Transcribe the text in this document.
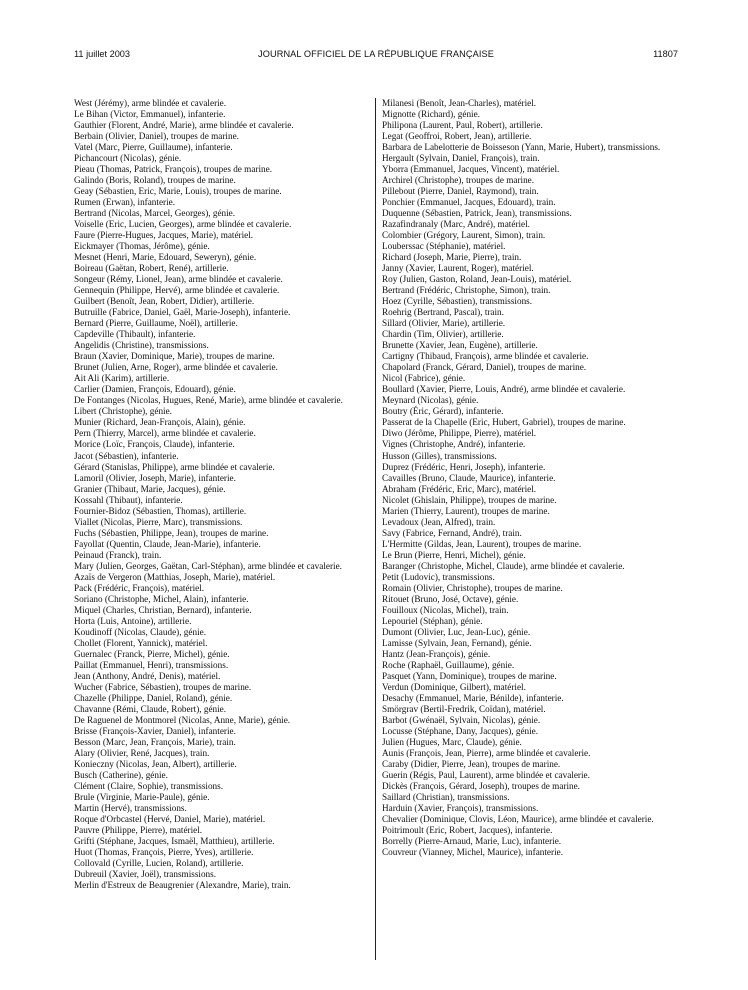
11 juillet 2003	JOURNAL OFFICIEL DE LA RÉPUBLIQUE FRANÇAISE	11807

West (Jérémy), arme blindée et cavalerie.

Le Bihan (Victor, Emmanuel), infanterie.

Gauthier (Florent, André, Marie), arme blindée et cavalerie.

Berbain (Olivier, Daniel), troupes de marine.

Vatel (Marc, Pierre, Guillaume), infanterie.

Pichancourt (Nicolas), génie.

Pieau (Thomas, Patrick, François), troupes de marine.

Galindo (Boris, Roland), troupes de marine.

Geay (Sébastien, Eric, Marie, Louis), troupes de marine.

Rumen (Erwan), infanterie.

Bertrand (Nicolas, Marcel, Georges), génie.

Voiselle (Eric, Lucien, Georges), arme blindée et cavalerie.

Faure (Pierre-Hugues, Jacques, Marie), matériel.

Eickmayer (Thomas, Jérôme), génie.

Mesnet (Henri, Marie, Edouard, Seweryn), génie.

Boireau (Gaëtan, Robert, René), artillerie.

Songeur (Rémy, Lionel, Jean), arme blindée et cavalerie.

Gennequin (Philippe, Hervé), arme blindée et cavalerie.

Guilbert (Benoît, Jean, Robert, Didier), artillerie.

Butruille (Fabrice, Daniel, Gaël, Marie-Joseph), infanterie.

Bernard (Pierre, Guillaume, Noël), artillerie.

Capdeville (Thibault), infanterie.

Angelidis (Christine), transmissions.

Braun (Xavier, Dominique, Marie), troupes de marine.

Brunet (Julien, Arne, Roger), arme blindée et cavalerie.

Ait Ali (Karim), artillerie.

Carlier (Damien, François, Edouard), génie.

De Fontanges (Nicolas, Hugues, René, Marie), arme blindée et cavalerie.

Libert (Christophe), génie.

Munier (Richard, Jean-François, Alain), génie.

Pern (Thierry, Marcel), arme blindée et cavalerie.

Morice (Loïc, François, Claude), infanterie.

Jacot (Sébastien), infanterie.

Gérard (Stanislas, Philippe), arme blindée et cavalerie.

Lamoril (Olivier, Joseph, Marie), infanterie.

Granier (Thibaut, Marie, Jacques), génie.

Kossahl (Thibaut), infanterie.

Fournier-Bidoz (Sébastien, Thomas), artillerie.

Viallet (Nicolas, Pierre, Marc), transmissions.

Fuchs (Sébastien, Philippe, Jean), troupes de marine.

Fayollat (Quentin, Claude, Jean-Marie), infanterie.

Peinaud (Franck), train.

Mary (Julien, Georges, Gaëtan, Carl-Stéphan), arme blindée et cavalerie.

Azaïs de Vergeron (Matthias, Joseph, Marie), matériel.

Pack (Frédéric, François), matériel.

Soriano (Christophe, Michel, Alain), infanterie.

Miquel (Charles, Christian, Bernard), infanterie.

Horta (Luis, Antoine), artillerie.

Koudinoff (Nicolas, Claude), génie.

Chollet (Florent, Yannick), matériel.

Guernalec (Franck, Pierre, Michel), génie.

Paillat (Emmanuel, Henri), transmissions.

Jean (Anthony, André, Denis), matériel.

Wucher (Fabrice, Sébastien), troupes de marine.

Chazelle (Philippe, Daniel, Roland), génie.

Chavanne (Rémi, Claude, Robert), génie.

De Raguenel de Montmorel (Nicolas, Anne, Marie), génie.

Brisse (François-Xavier, Daniel), infanterie.

Besson (Marc, Jean, François, Marie), train.

Alary (Olivier, René, Jacques), train.

Konieczny (Nicolas, Jean, Albert), artillerie.

Busch (Catherine), génie.

Clément (Claire, Sophie), transmissions.

Brule (Virginie, Marie-Paule), génie.

Martin (Hervé), transmissions.

Roque d'Orbcastel (Hervé, Daniel, Marie), matériel.

Pauvre (Philippe, Pierre), matériel.

Grifti (Stéphane, Jacques, Ismaël, Matthieu), artillerie.

Huot (Thomas, François, Pierre, Yves), artillerie.

Collovald (Cyrille, Lucien, Roland), artillerie.

Dubreuil (Xavier, Joël), transmissions.

Merlin d'Estreux de Beaugrenier (Alexandre, Marie), train.

Milanesi (Benoît, Jean-Charles), matériel.

Mignotte (Richard), génie.

Philipona (Laurent, Paul, Robert), artillerie.

Legat (Geoffroi, Robert, Jean), artillerie.

Barbara de Labelotterie de Boisseson (Yann, Marie, Hubert), transmissions.

Hergault (Sylvain, Daniel, François), train.

Yborra (Emmanuel, Jacques, Vincent), matériel.

Archirel (Christophe), troupes de marine.

Pillebout (Pierre, Daniel, Raymond), train.

Ponchier (Emmanuel, Jacques, Edouard), train.

Duquenne (Sébastien, Patrick, Jean), transmissions.

Razafindranaly (Marc, André), matériel.

Colombier (Grégory, Laurent, Simon), train.

Louberssac (Stéphanie), matériel.

Richard (Joseph, Marie, Pierre), train.

Janny (Xavier, Laurent, Roger), matériel.

Roy (Julien, Gaston, Roland, Jean-Louis), matériel.

Bertrand (Frédéric, Christophe, Simon), train.

Hoez (Cyrille, Sébastien), transmissions.

Roehrig (Bertrand, Pascal), train.

Sillard (Olivier, Marie), artillerie.

Chardin (Tim, Olivier), artillerie.

Brunette (Xavier, Jean, Eugène), artillerie.

Cartigny (Thibaud, François), arme blindée et cavalerie.

Chapolard (Franck, Gérard, Daniel), troupes de marine.

Nicol (Fabrice), génie.

Boullard (Xavier, Pierre, Louis, André), arme blindée et cavalerie.

Meynard (Nicolas), génie.

Boutry (Éric, Gérard), infanterie.

Passerat de la Chapelle (Eric, Hubert, Gabriel), troupes de marine.

Diwo (Jérôme, Philippe, Pierre), matériel.

Vignes (Christophe, André), infanterie.

Husson (Gilles), transmissions.

Duprez (Frédéric, Henri, Joseph), infanterie.

Cavailles (Bruno, Claude, Maurice), infanterie.

Abraham (Frédéric, Eric, Marc), matériel.

Nicolet (Ghislain, Philippe), troupes de marine.

Marien (Thierry, Laurent), troupes de marine.

Levadoux (Jean, Alfred), train.

Savy (Fabrice, Fernand, André), train.

L'Hermitte (Gildas, Jean, Laurent), troupes de marine.

Le Brun (Pierre, Henri, Michel), génie.

Baranger (Christophe, Michel, Claude), arme blindée et cavalerie.

Petit (Ludovic), transmissions.

Romain (Olivier, Christophe), troupes de marine.

Ritouet (Bruno, José, Octave), génie.

Fouilloux (Nicolas, Michel), train.

Lepouriel (Stéphan), génie.

Dumont (Olivier, Luc, Jean-Luc), génie.

Lamisse (Sylvain, Jean, Fernand), génie.

Hantz (Jean-François), génie.

Roche (Raphaël, Guillaume), génie.

Pasquet (Yann, Dominique), troupes de marine.

Verdun (Dominique, Gilbert), matériel.

Desachy (Emmanuel, Marie, Bénilde), infanterie.

Smörgrav (Bertil-Fredrik, Coïdan), matériel.

Barbot (Gwénaël, Sylvain, Nicolas), génie.

Locusse (Stéphane, Dany, Jacques), génie.

Julien (Hugues, Marc, Claude), génie.

Aunis (François, Jean, Pierre), arme blindée et cavalerie.

Caraby (Didier, Pierre, Jean), troupes de marine.

Guerin (Régis, Paul, Laurent), arme blindée et cavalerie.

Dickès (François, Gérard, Joseph), troupes de marine.

Saillard (Christian), transmissions.

Harduin (Xavier, François), transmissions.

Chevalier (Dominique, Clovis, Léon, Maurice), arme blindée et cavalerie.

Poitrimoult (Eric, Robert, Jacques), infanterie.

Borrelly (Pierre-Arnaud, Marie, Luc), infanterie.

Couvreur (Vianney, Michel, Maurice), infanterie.
